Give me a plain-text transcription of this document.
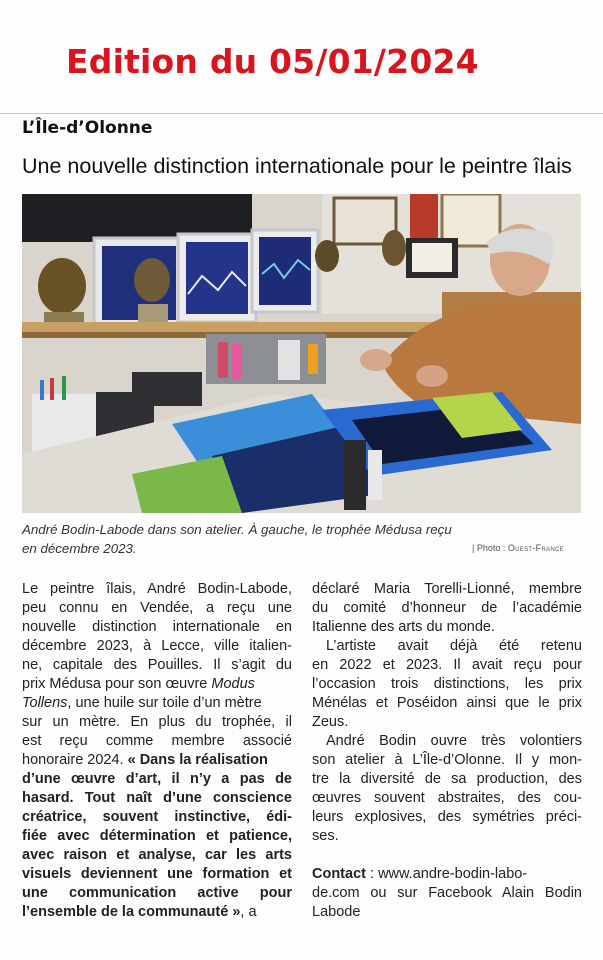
Edition du 05/01/2024
L’Île-d’Olonne
Une nouvelle distinction internationale pour le peintre îlais
André Bodin-Labode dans son atelier. À gauche, le trophée Médusa reçu
en décembre 2023.	| Photo : Ouest-France
Le peintre îlais, André Bodin-Labode,
peu connu en Vendée, a reçu une
nouvelle distinction internationale en
décembre 2023, à Lecce, ville italien-
ne, capitale des Pouilles. Il s’agit du
prix Médusa pour son œuvre Modus
Tollens, une huile sur toile d’un mètre
sur un mètre. En plus du trophée, il
est reçu comme membre associé
honoraire 2024. « Dans la réalisation
d’une œuvre d’art, il n’y a pas de
hasard. Tout naît d’une conscience
créatrice, souvent instinctive, édi-
fiée avec détermination et patience,
avec raison et analyse, car les arts
visuels deviennent une formation et
une communication active pour
l’ensemble de la communauté », a
déclaré Maria Torelli-Lionné, membre
du comité d’honneur de l’académie
Italienne des arts du monde.
L’artiste avait déjà été retenu
en 2022 et 2023. Il avait reçu pour
l’occasion trois distinctions, les prix
Ménélas et Poséidon ainsi que le prix
Zeus.
André Bodin ouvre très volontiers
son atelier à L’Île-d’Olonne. Il y mon-
tre la diversité de sa production, des
œuvres souvent abstraites, des cou-
leurs explosives, des symétries préci-
ses.
Contact : www.andre-bodin-labo-
de.com ou sur Facebook Alain Bodin
Labode
